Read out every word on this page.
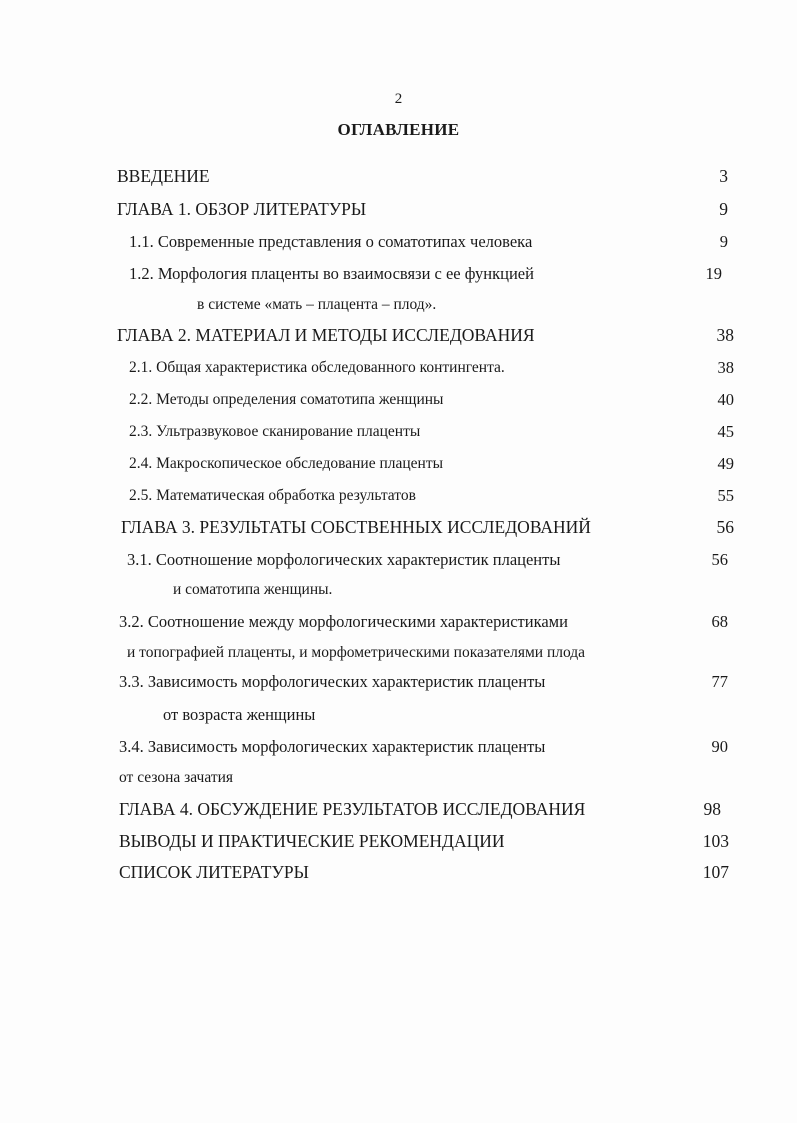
2
ОГЛАВЛЕНИЕ
ВВЕДЕНИЕ	3
ГЛАВА 1. ОБЗОР ЛИТЕРАТУРЫ	9
1.1. Современные представления о соматотипах человека	9
1.2. Морфология плаценты во взаимосвязи с ее функцией	19
в системе «мать – плацента – плод».
ГЛАВА 2. МАТЕРИАЛ И МЕТОДЫ ИССЛЕДОВАНИЯ	38
2.1. Общая характеристика обследованного контингента.	38
2.2. Методы определения соматотипа женщины	40
2.3. Ультразвуковое сканирование плаценты	45
2.4. Макроскопическое обследование плаценты	49
2.5. Математическая обработка результатов	55
ГЛАВА 3. РЕЗУЛЬТАТЫ СОБСТВЕННЫХ ИССЛЕДОВАНИЙ	56
3.1. Соотношение морфологических характеристик плаценты	56
и соматотипа женщины.
3.2. Соотношение между морфологическими характеристиками	68
и топографией плаценты, и морфометрическими показателями плода
3.3. Зависимость морфологических характеристик плаценты	77
от возраста женщины
3.4. Зависимость морфологических характеристик плаценты	90
от сезона зачатия
ГЛАВА 4. ОБСУЖДЕНИЕ РЕЗУЛЬТАТОВ ИССЛЕДОВАНИЯ	98
ВЫВОДЫ И ПРАКТИЧЕСКИЕ РЕКОМЕНДАЦИИ	103
СПИСОК ЛИТЕРАТУРЫ	107
